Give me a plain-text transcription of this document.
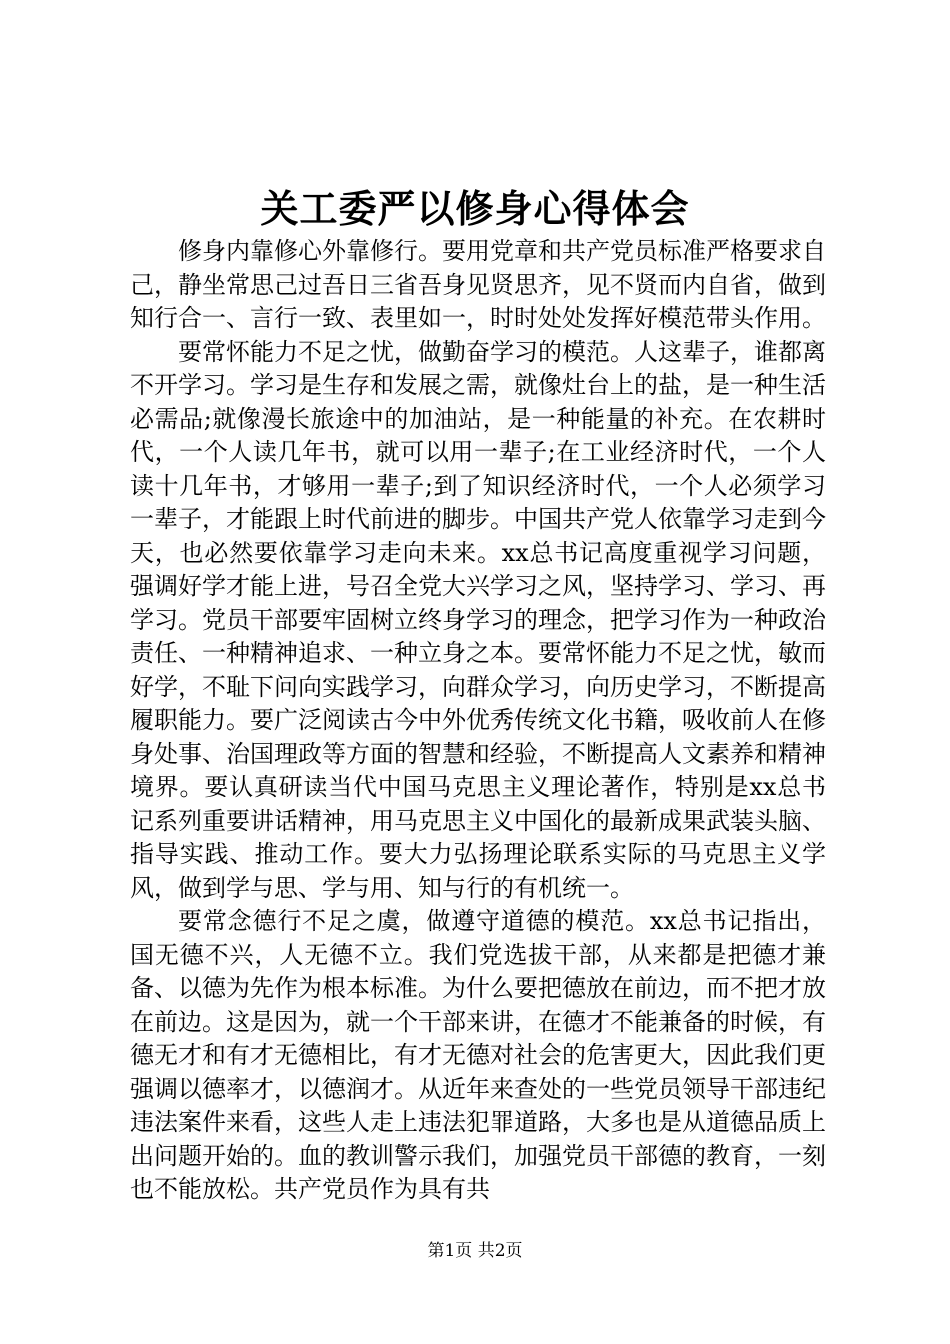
关工委严以修身心得体会

修身内靠修心外靠修行。要用党章和共产党员标准严格要求自己，静坐常思己过吾日三省吾身见贤思齐，见不贤而内自省，做到知行合一、言行一致、表里如一，时时处处发挥好模范带头作用。

要常怀能力不足之忧，做勤奋学习的模范。人这辈子，谁都离不开学习。学习是生存和发展之需，就像灶台上的盐，是一种生活必需品;就像漫长旅途中的加油站，是一种能量的补充。在农耕时代，一个人读几年书，就可以用一辈子;在工业经济时代，一个人读十几年书，才够用一辈子;到了知识经济时代，一个人必须学习一辈子，才能跟上时代前进的脚步。中国共产党人依靠学习走到今天，也必然要依靠学习走向未来。xx总书记高度重视学习问题，强调好学才能上进，号召全党大兴学习之风，坚持学习、学习、再学习。党员干部要牢固树立终身学习的理念，把学习作为一种政治责任、一种精神追求、一种立身之本。要常怀能力不足之忧，敏而好学，不耻下问向实践学习，向群众学习，向历史学习，不断提高履职能力。要广泛阅读古今中外优秀传统文化书籍，吸收前人在修身处事、治国理政等方面的智慧和经验，不断提高人文素养和精神境界。要认真研读当代中国马克思主义理论著作，特别是xx总书记系列重要讲话精神，用马克思主义中国化的最新成果武装头脑、指导实践、推动工作。要大力弘扬理论联系实际的马克思主义学风，做到学与思、学与用、知与行的有机统一。

要常念德行不足之虞，做遵守道德的模范。xx总书记指出，国无德不兴，人无德不立。我们党选拔干部，从来都是把德才兼备、以德为先作为根本标准。为什么要把德放在前边，而不把才放在前边。这是因为，就一个干部来讲，在德才不能兼备的时候，有德无才和有才无德相比，有才无德对社会的危害更大，因此我们更强调以德率才，以德润才。从近年来查处的一些党员领导干部违纪违法案件来看，这些人走上违法犯罪道路，大多也是从道德品质上出问题开始的。血的教训警示我们，加强党员干部德的教育，一刻也不能放松。共产党员作为具有共

第1页 共2页
